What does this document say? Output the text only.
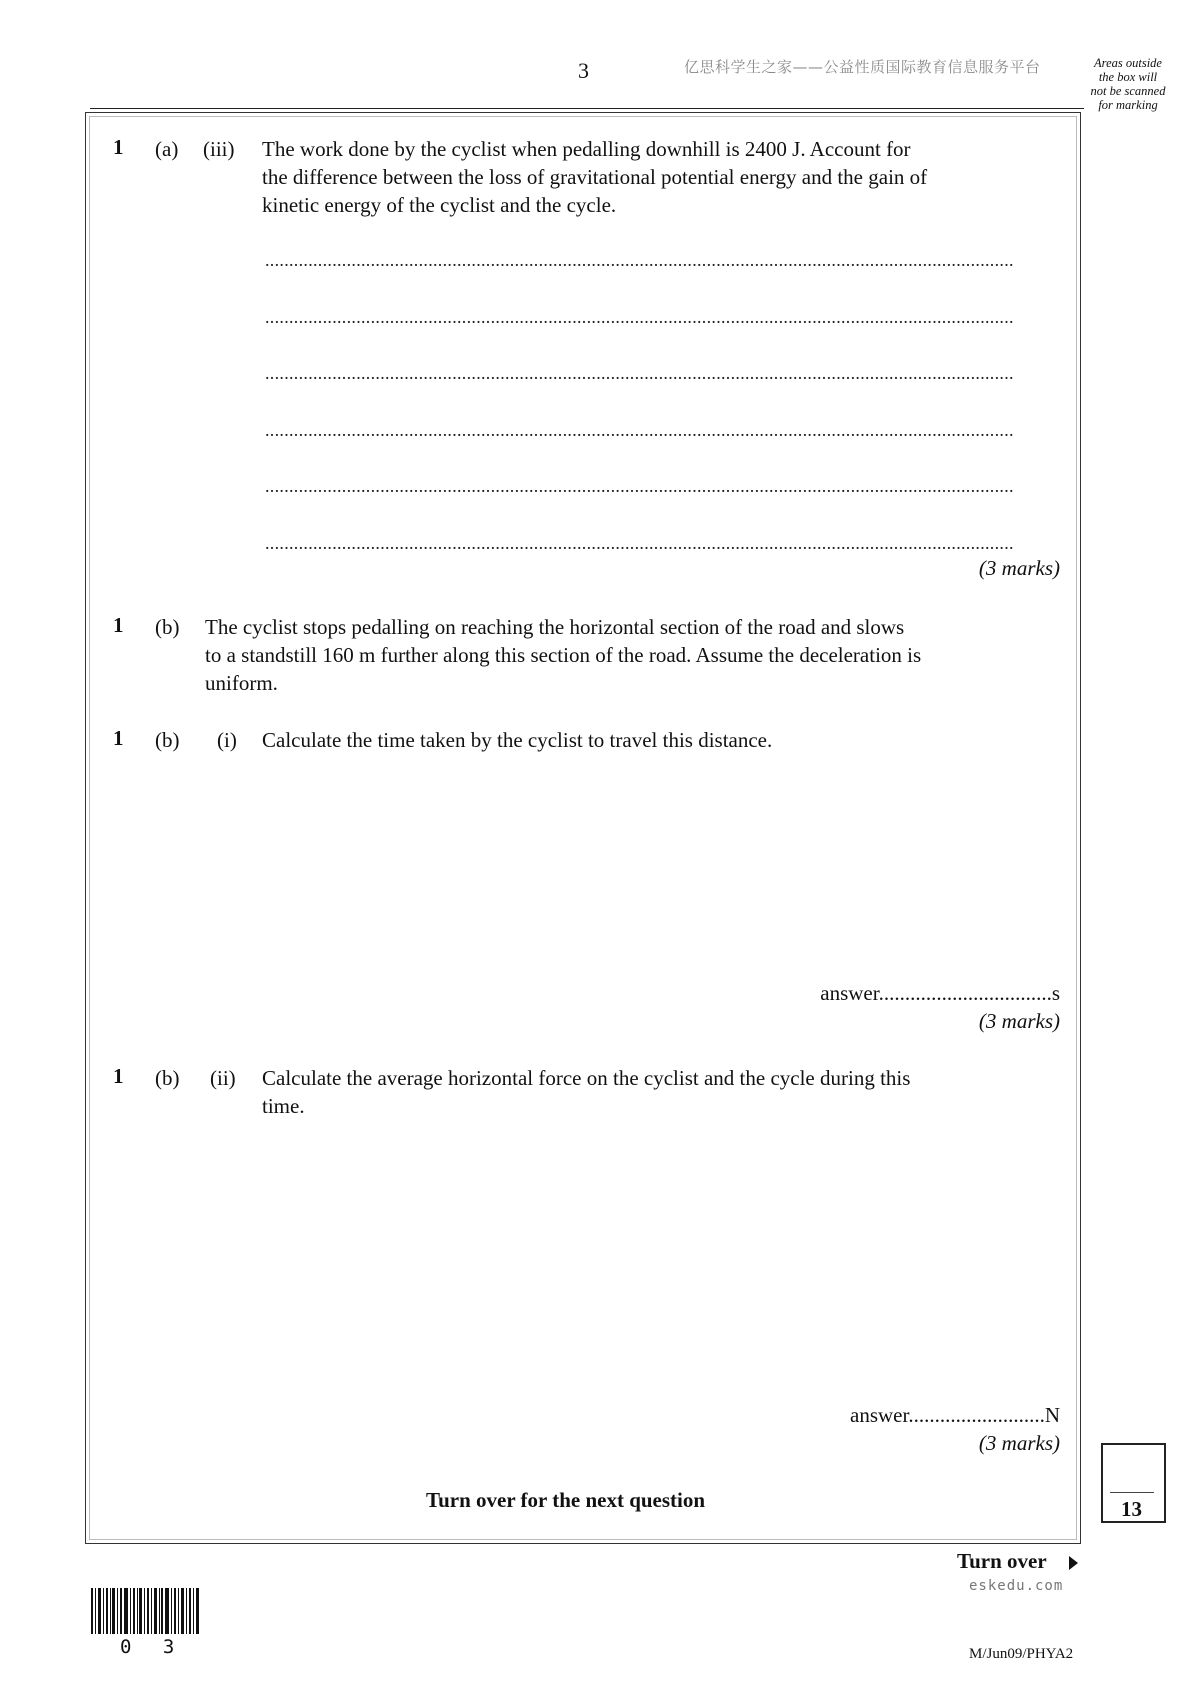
3	亿思科学生之家——公益性质国际教育信息服务平台	Areas outside
the box will
not be scanned
for marking
1 (a) (iii) The work done by the cyclist when pedalling downhill is 2400 J. Account for
the difference between the loss of gravitational potential energy and the gain of
kinetic energy of the cyclist and the cycle.
............................................................................................................................................................
............................................................................................................................................................
............................................................................................................................................................
............................................................................................................................................................
............................................................................................................................................................
............................................................................................................................................................
(3 marks)
1 (b) The cyclist stops pedalling on reaching the horizontal section of the road and slows
to a standstill 160 m further along this section of the road. Assume the deceleration is
uniform.
1 (b) (i) Calculate the time taken by the cyclist to travel this distance.
answer.................................s
(3 marks)
1 (b) (ii) Calculate the average horizontal force on the cyclist and the cycle during this
time.
answer..........................N
(3 marks)
Turn over for the next question	13
Turn over
eskedu.com
0 3	M/Jun09/PHYA2
